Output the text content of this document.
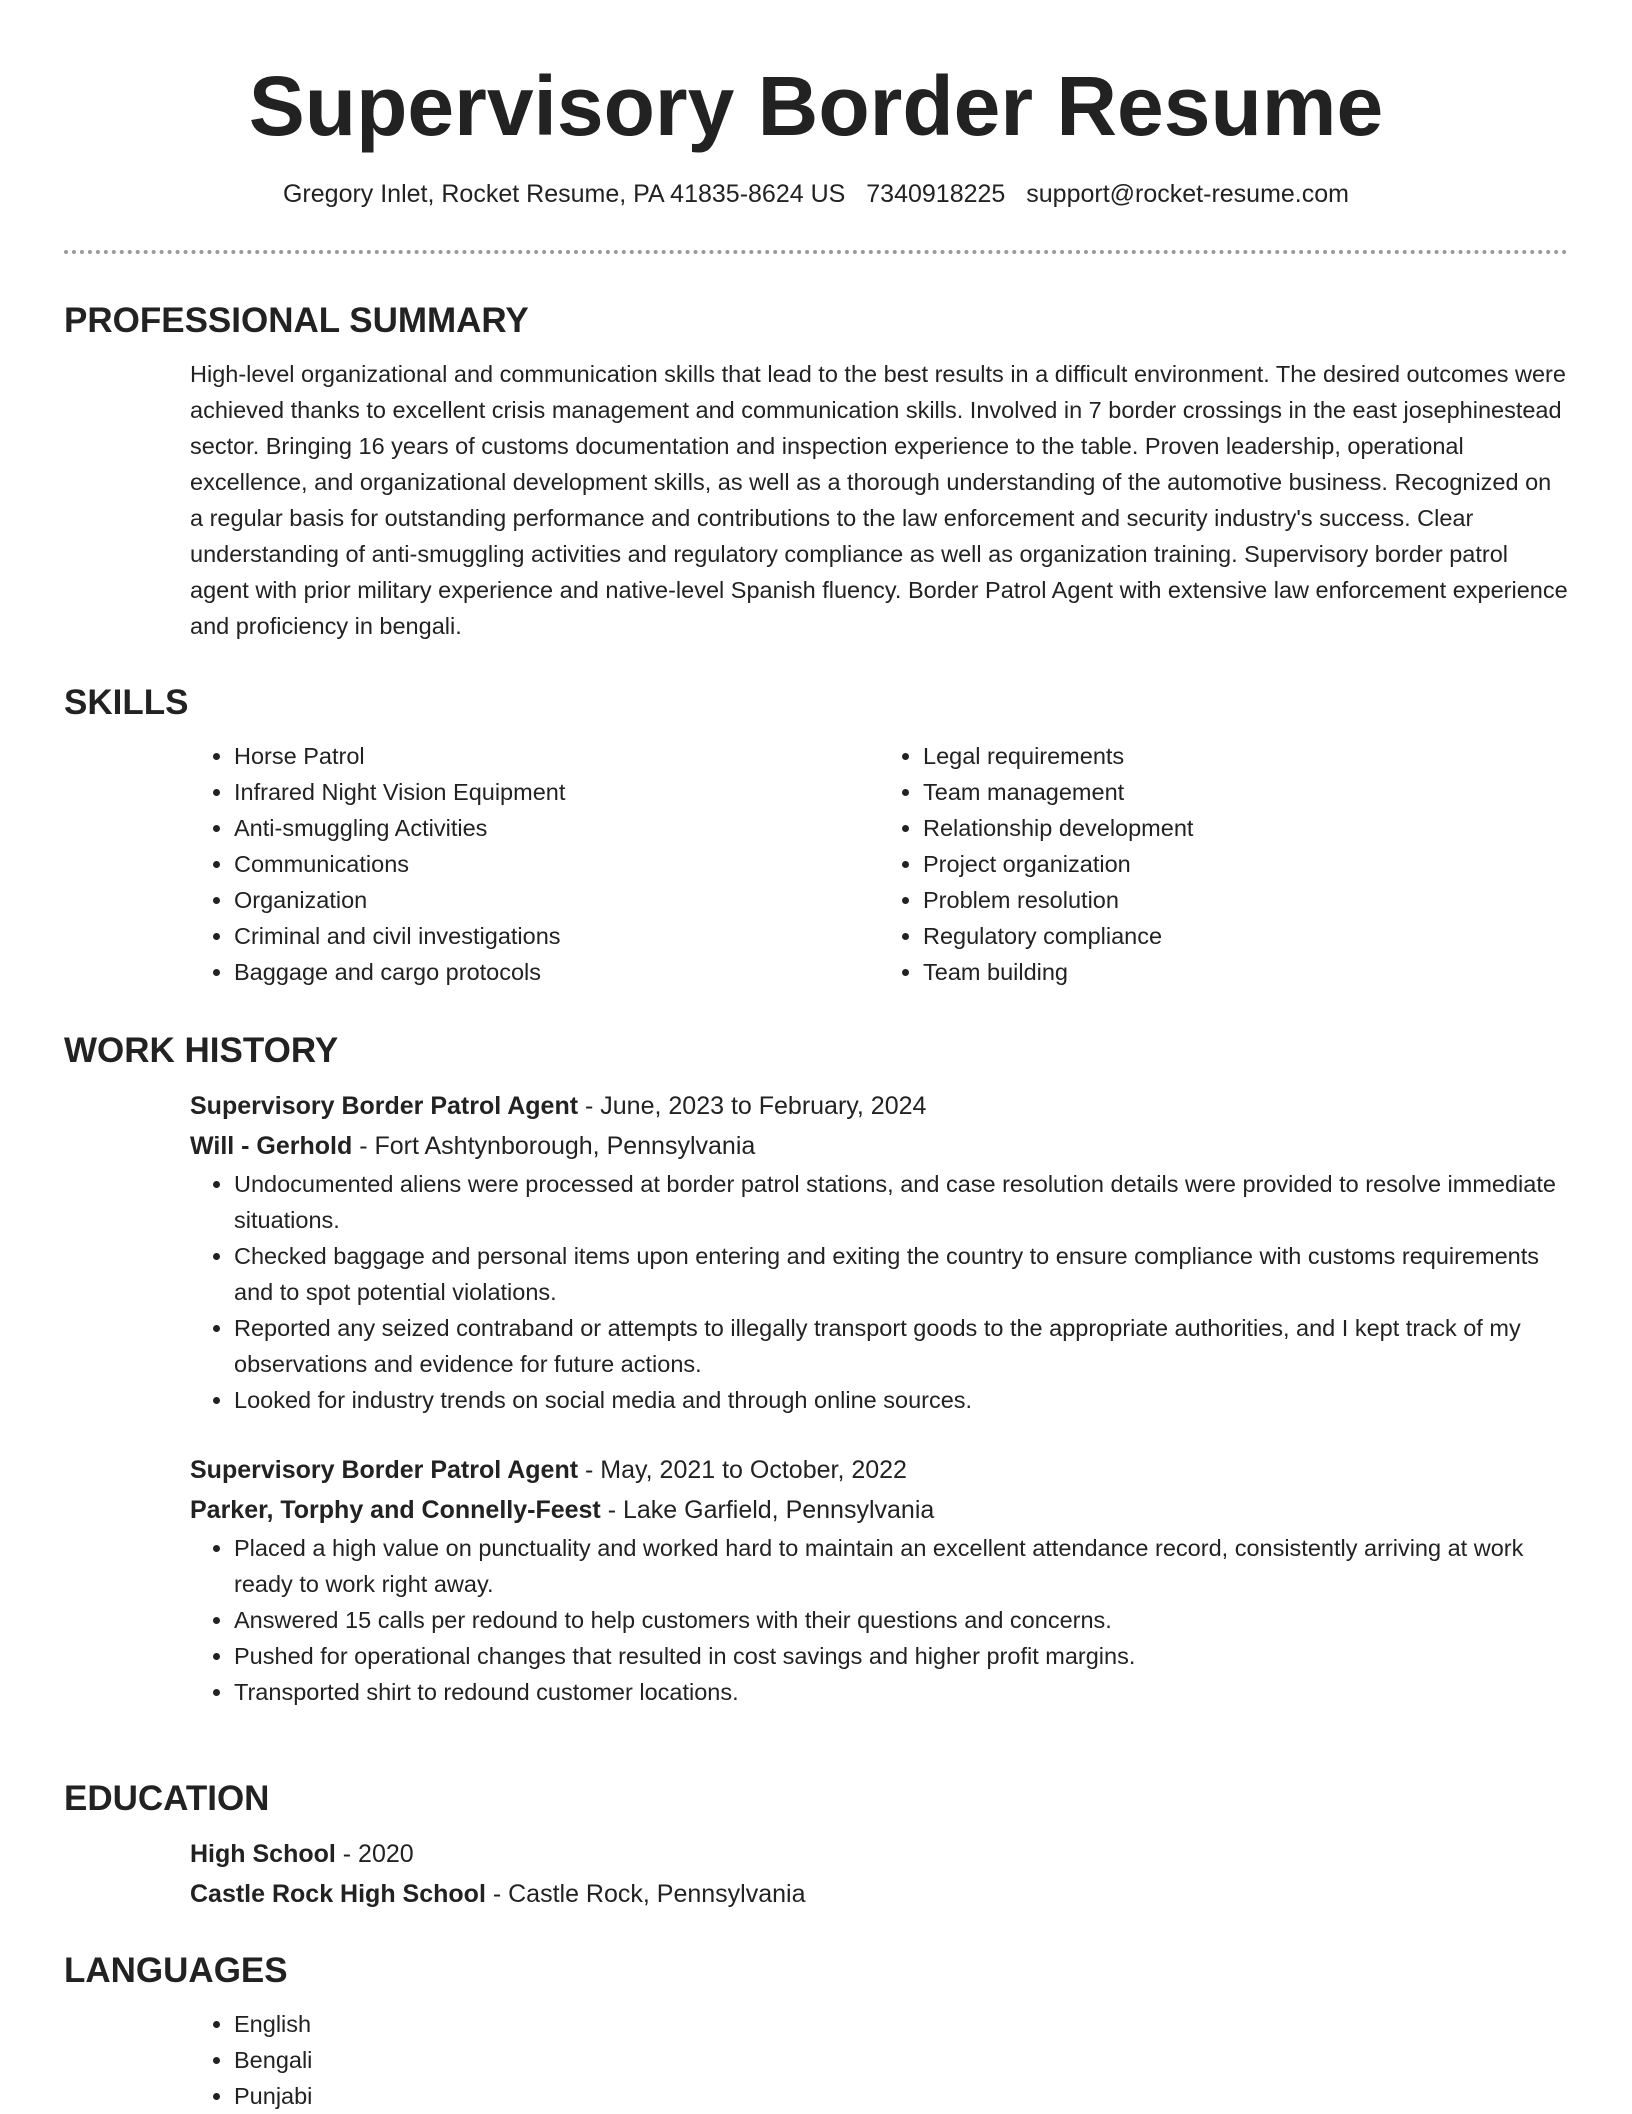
Supervisory Border Resume
Gregory Inlet, Rocket Resume, PA 41835-8624 US 7340918225 support@rocket-resume.com
PROFESSIONAL SUMMARY

High-level organizational and communication skills that lead to the best results in a difficult environment. The desired outcomes were achieved thanks to excellent crisis management and communication skills. Involved in 7 border crossings in the east josephinestead sector. Bringing 16 years of customs documentation and inspection experience to the table. Proven leadership, operational excellence, and organizational development skills, as well as a thorough understanding of the automotive business. Recognized on a regular basis for outstanding performance and contributions to the law enforcement and security industry's success. Clear understanding of anti-smuggling activities and regulatory compliance as well as organization training. Supervisory border patrol agent with prior military experience and native-level Spanish fluency. Border Patrol Agent with extensive law enforcement experience and proficiency in bengali.

SKILLS
• Horse Patrol
• Infrared Night Vision Equipment
• Anti-smuggling Activities
• Communications
• Organization
• Criminal and civil investigations
• Baggage and cargo protocols
• Legal requirements
• Team management
• Relationship development
• Project organization
• Problem resolution
• Regulatory compliance
• Team building
WORK HISTORY
Supervisory Border Patrol Agent - June, 2023 to February, 2024
Will - Gerhold - Fort Ashtynborough, Pennsylvania
• Undocumented aliens were processed at border patrol stations, and case resolution details were provided to resolve immediate situations.
• Checked baggage and personal items upon entering and exiting the country to ensure compliance with customs requirements and to spot potential violations.
• Reported any seized contraband or attempts to illegally transport goods to the appropriate authorities, and I kept track of my observations and evidence for future actions.
• Looked for industry trends on social media and through online sources.
Supervisory Border Patrol Agent - May, 2021 to October, 2022
Parker, Torphy and Connelly-Feest - Lake Garfield, Pennsylvania
• Placed a high value on punctuality and worked hard to maintain an excellent attendance record, consistently arriving at work ready to work right away.
• Answered 15 calls per redound to help customers with their questions and concerns.
• Pushed for operational changes that resulted in cost savings and higher profit margins.
• Transported shirt to redound customer locations.
EDUCATION
High School - 2020
Castle Rock High School - Castle Rock, Pennsylvania
LANGUAGES
• English
• Bengali
• Punjabi
